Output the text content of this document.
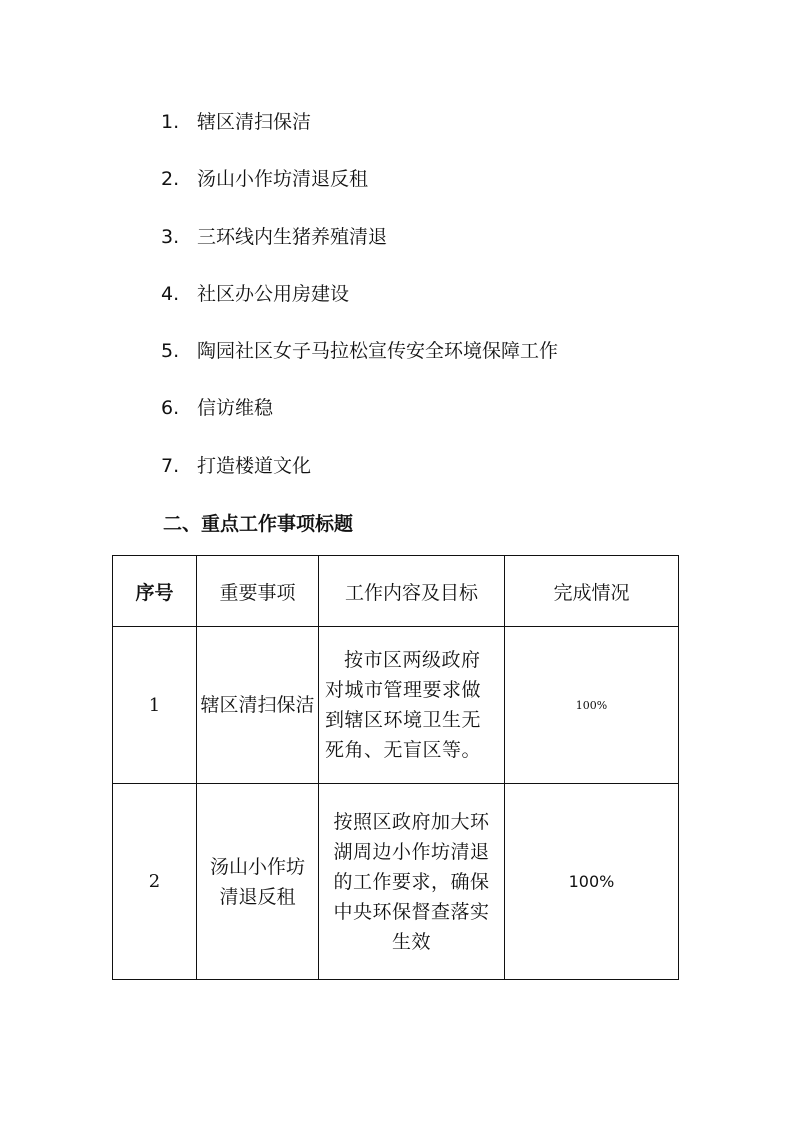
1. 辖区清扫保洁
2. 汤山小作坊清退反租
3. 三环线内生猪养殖清退
4. 社区办公用房建设
5. 陶园社区女子马拉松宣传安全环境保障工作
6. 信访维稳
7. 打造楼道文化
二、重点工作事项标题
序号	重要事项	工作内容及目标	完成情况
1	辖区清扫保洁	按市区两级政府对城市管理要求做到辖区环境卫生无死角、无盲区等。	100%
2	汤山小作坊清退反租	按照区政府加大环湖周边小作坊清退的工作要求，确保中央环保督查落实生效	100%
